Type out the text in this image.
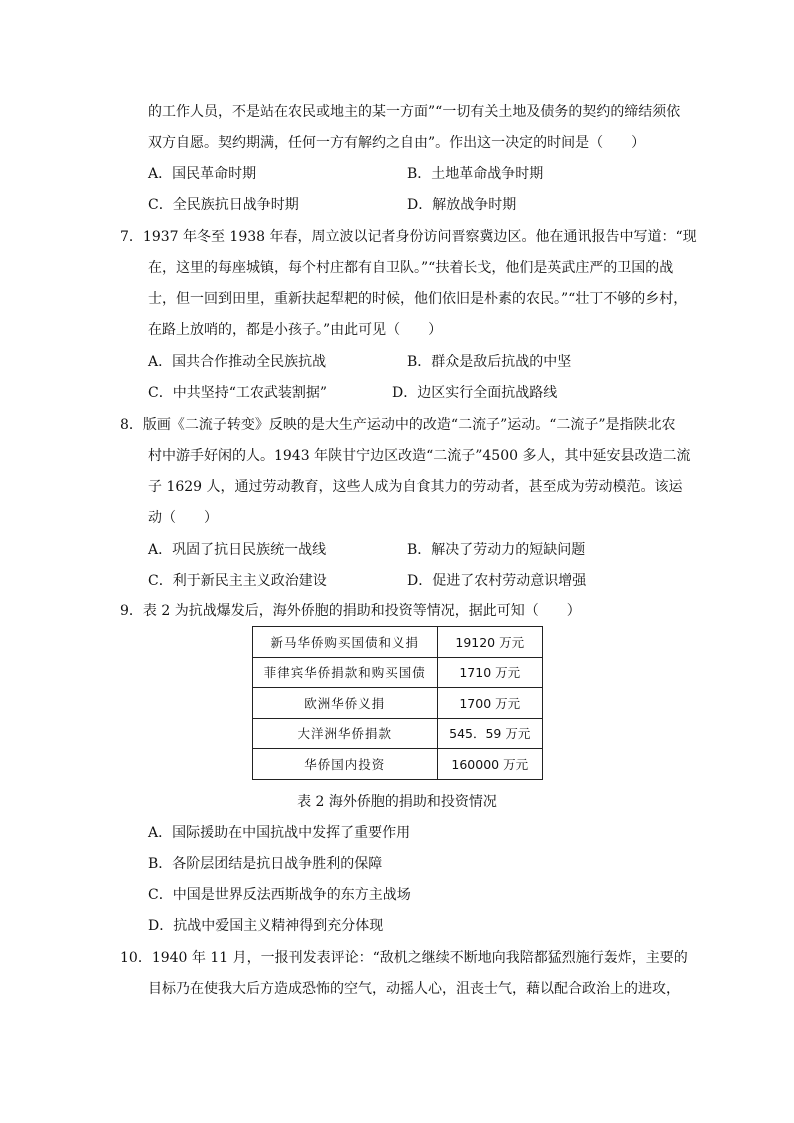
的工作人员，不是站在农民或地主的某一方面”“一切有关土地及债务的契约的缔结须依
双方自愿。契约期满，任何一方有解约之自由”。作出这一决定的时间是（　　）
A．国民革命时期	B．土地革命战争时期
C．全民族抗日战争时期	D．解放战争时期
7．1937 年冬至 1938 年春，周立波以记者身份访问晋察冀边区。他在通讯报告中写道：“现
在，这里的每座城镇，每个村庄都有自卫队。”“扶着长戈，他们是英武庄严的卫国的战
士，但一回到田里，重新扶起犁耙的时候，他们依旧是朴素的农民。”“壮丁不够的乡村，
在路上放哨的，都是小孩子。”由此可见（　　）
A．国共合作推动全民族抗战	B．群众是敌后抗战的中坚
C．中共坚持“工农武装割据”	D．边区实行全面抗战路线
8．版画《二流子转变》反映的是大生产运动中的改造“二流子”运动。“二流子”是指陕北农
村中游手好闲的人。1943 年陕甘宁边区改造“二流子”4500 多人，其中延安县改造二流
子 1629 人，通过劳动教育，这些人成为自食其力的劳动者，甚至成为劳动模范。该运
动（　　）
A．巩固了抗日民族统一战线	B．解决了劳动力的短缺问题
C．利于新民主主义政治建设	D．促进了农村劳动意识增强
9．表 2 为抗战爆发后，海外侨胞的捐助和投资等情况，据此可知（　　）
新马华侨购买国债和义捐	19120 万元
菲律宾华侨捐款和购买国债	1710 万元
欧洲华侨义捐	1700 万元
大洋洲华侨捐款	545．59 万元
华侨国内投资	160000 万元
表 2 海外侨胞的捐助和投资情况
A．国际援助在中国抗战中发挥了重要作用
B．各阶层团结是抗日战争胜利的保障
C．中国是世界反法西斯战争的东方主战场
D．抗战中爱国主义精神得到充分体现
10．1940 年 11 月，一报刊发表评论：“敌机之继续不断地向我陪都猛烈施行轰炸，主要的
目标乃在使我大后方造成恐怖的空气，动摇人心，沮丧士气，藉以配合政治上的进攻，
